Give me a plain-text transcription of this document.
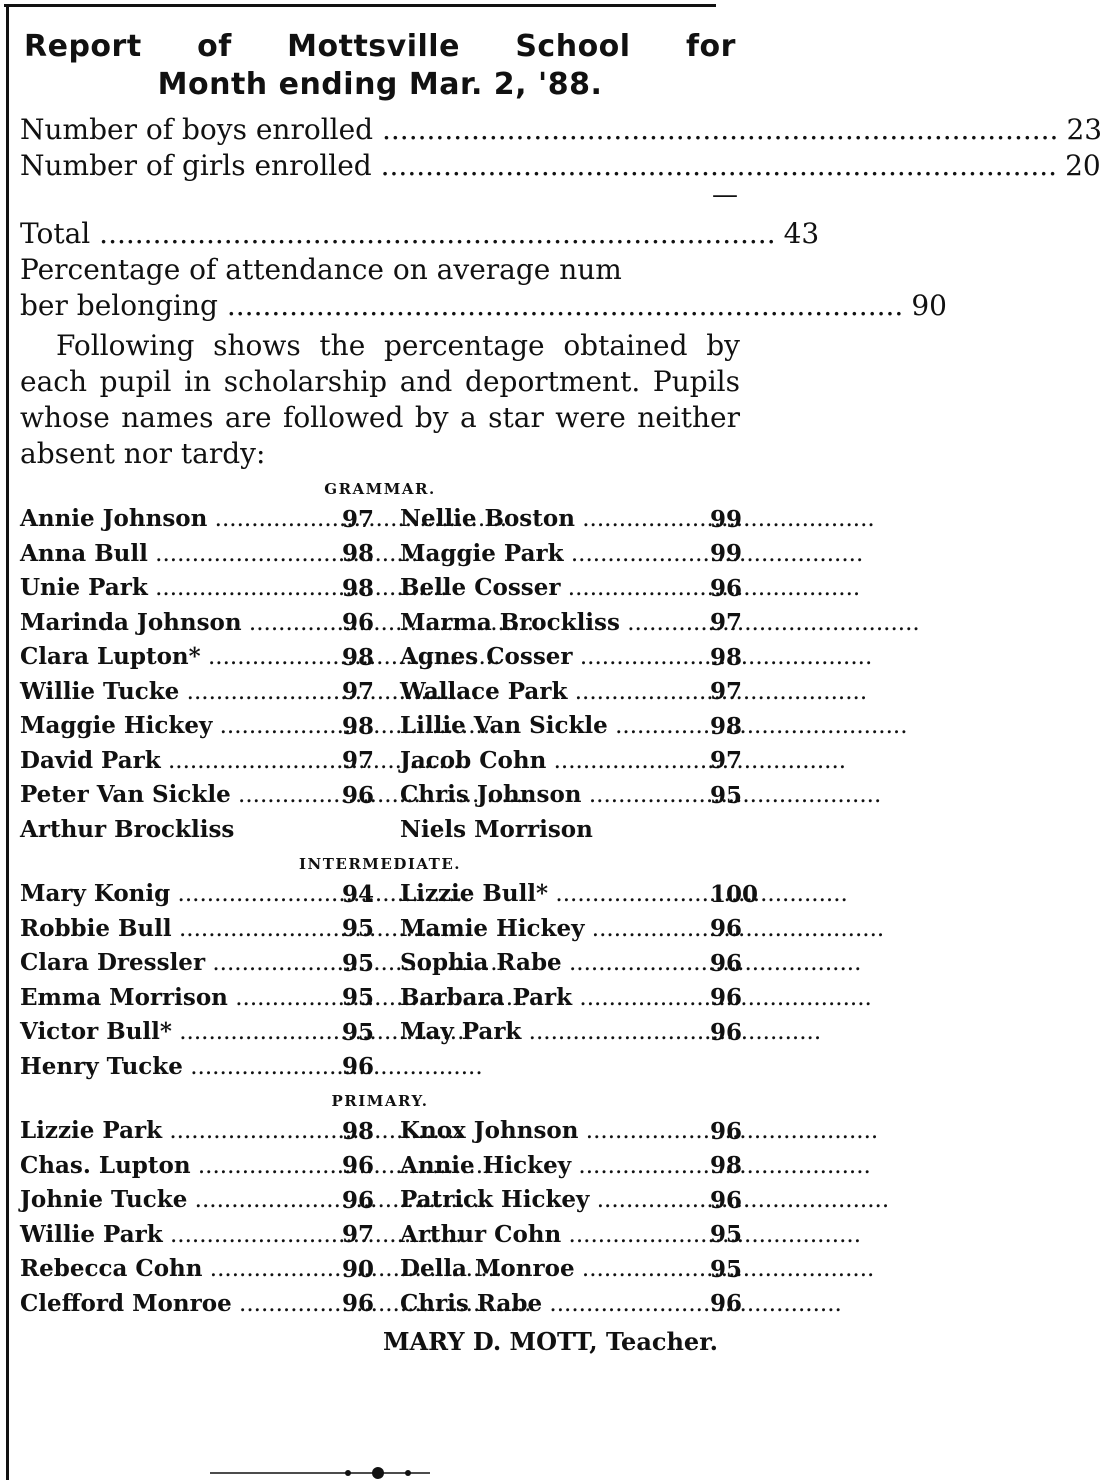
Report of Mottsville School for
Month ending Mar. 2, '88.
Number of boys enrolled .....	23
Number of girls enrolled .....	20
—
Total .....	43
Percentage of attendance on average num
ber belonging .....	90
Following shows the percentage obtained by each pupil in scholarship and deportment. Pupils whose names are followed by a star were neither absent nor tardy:
GRAMMAR.
Annie Johnson .....	97	Nellie Boston .....	99
Anna Bull .....	98	Maggie Park .....	99
Unie Park .....	98	Belle Cosser .....	96
Marinda Johnson .....	96	Marma Brockliss .....	97
Clara Lupton* .....	98	Agnes Cosser .....	98
Willie Tucke .....	97	Wallace Park .....	97
Maggie Hickey .....	98	Lillie Van Sickle .....	98
David Park .....	97	Jacob Cohn .....	97
Peter Van Sickle .....	96	Chris Johnson .....	95
Arthur Brockliss		Niels Morrison	
INTERMEDIATE.
Mary Konig .....	94	Lizzie Bull* .....	100
Robbie Bull .....	95	Mamie Hickey .....	96
Clara Dressler .....	95	Sophia Rabe .....	96
Emma Morrison .....	95	Barbara Park .....	96
Victor Bull* .....	95	May Park .....	96
Henry Tucke .....	96		
PRIMARY.
Lizzie Park .....	98	Knox Johnson .....	96
Chas. Lupton .....	96	Annie Hickey .....	98
Johnie Tucke .....	96	Patrick Hickey .....	96
Willie Park .....	97	Arthur Cohn .....	95
Rebecca Cohn .....	90	Della Monroe .....	95
Clefford Monroe .....	96	Chris Rabe .....	96
MARY D. MOTT, Teacher.
